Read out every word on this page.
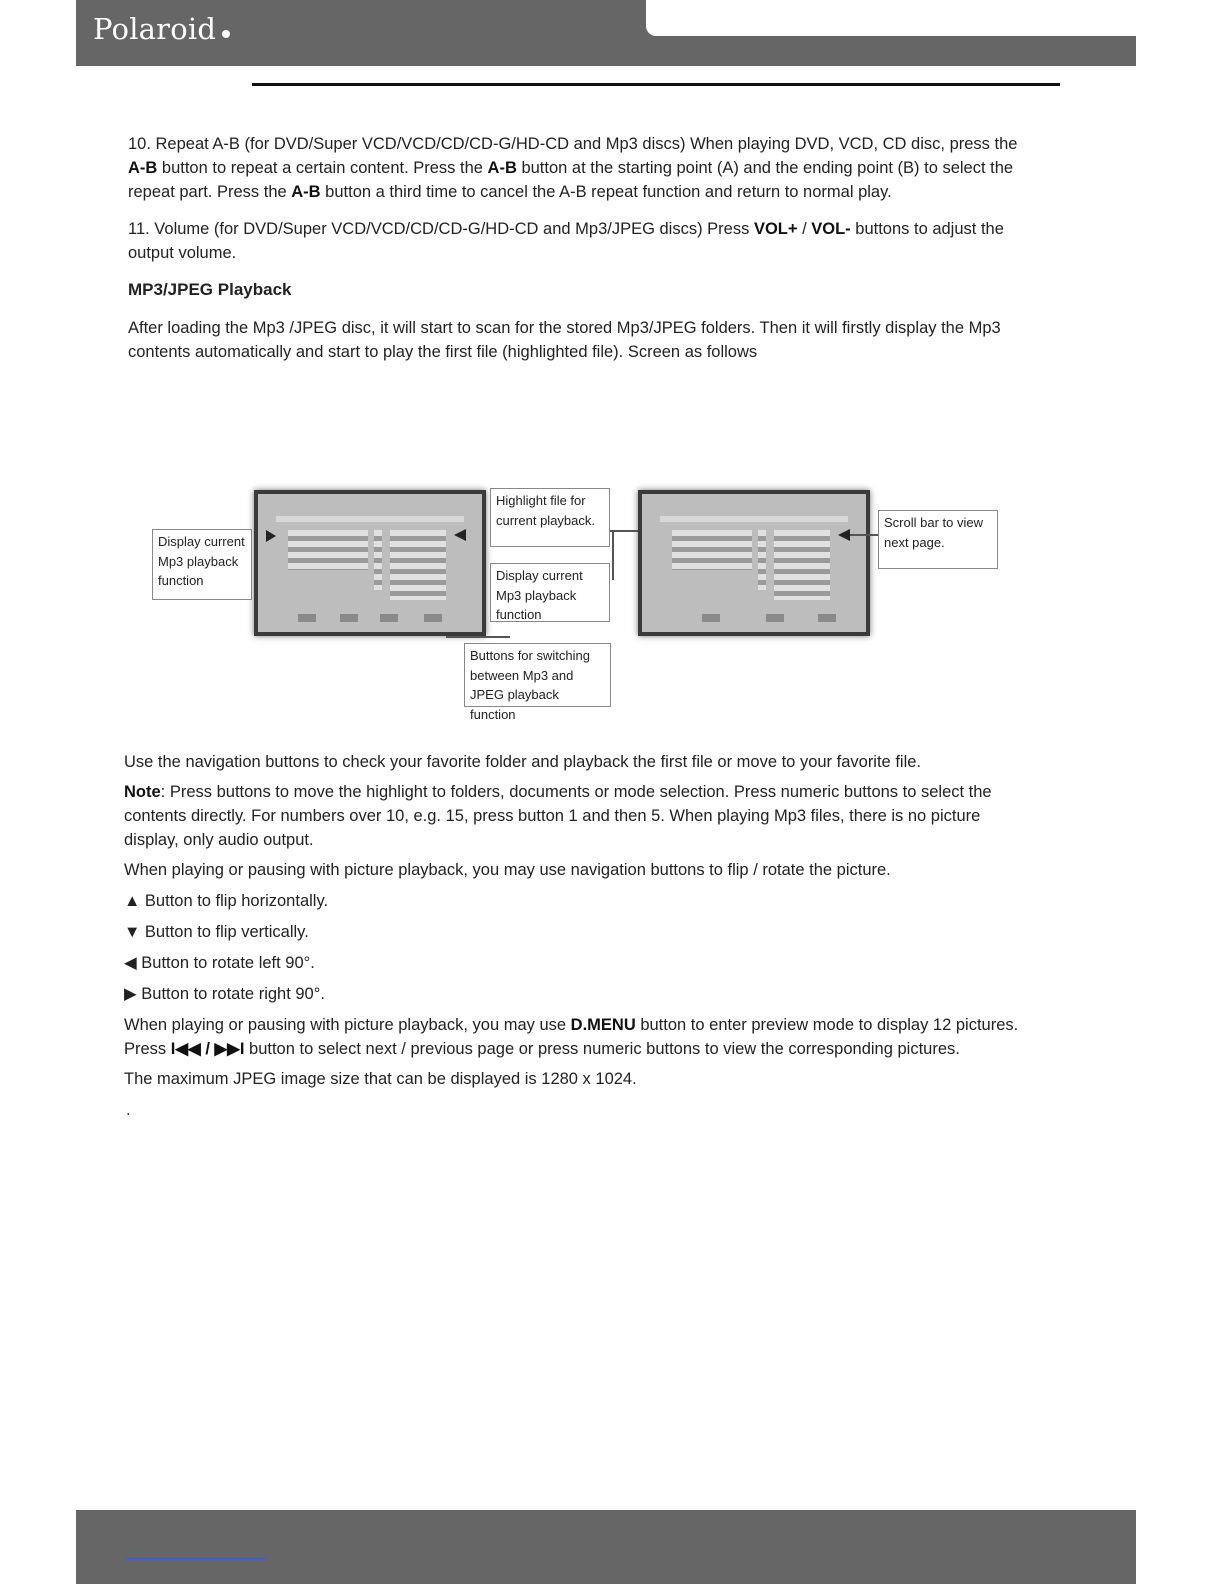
Polaroid

10. Repeat A-B (for DVD/Super VCD/VCD/CD/CD-G/HD-CD and Mp3 discs) When playing DVD, VCD, CD disc, press the A-B button to repeat a certain content. Press the A-B button at the starting point (A) and the ending point (B) to select the repeat part. Press the A-B button a third time to cancel the A-B repeat function and return to normal play.

11. Volume (for DVD/Super VCD/VCD/CD/CD-G/HD-CD and Mp3/JPEG discs) Press VOL+ / VOL- buttons to adjust the output volume.

MP3/JPEG Playback

After loading the Mp3 /JPEG disc, it will start to scan for the stored Mp3/JPEG folders. Then it will firstly display the Mp3 contents automatically and start to play the first file (highlighted file). Screen as follows

Display current Mp3 playback function
Highlight file for current playback.
Display current Mp3 playback function
Buttons for switching between Mp3 and JPEG playback function
Scroll bar to view next page.

Use the navigation buttons to check your favorite folder and playback the first file or move to your favorite file.

Note: Press buttons to move the highlight to folders, documents or mode selection. Press numeric buttons to select the contents directly. For numbers over 10, e.g. 15, press button 1 and then 5. When playing Mp3 files, there is no picture display, only audio output.

When playing or pausing with picture playback, you may use navigation buttons to flip / rotate the picture.

▲ Button to flip horizontally.

▼ Button to flip vertically.

◀ Button to rotate left 90°.

▶ Button to rotate right 90°.

When playing or pausing with picture playback, you may use D.MENU button to enter preview mode to display 12 pictures. Press I◀◀ / ▶▶I button to select next / previous page or press numeric buttons to view the corresponding pictures.

The maximum JPEG image size that can be displayed is 1280 x 1024.

.
